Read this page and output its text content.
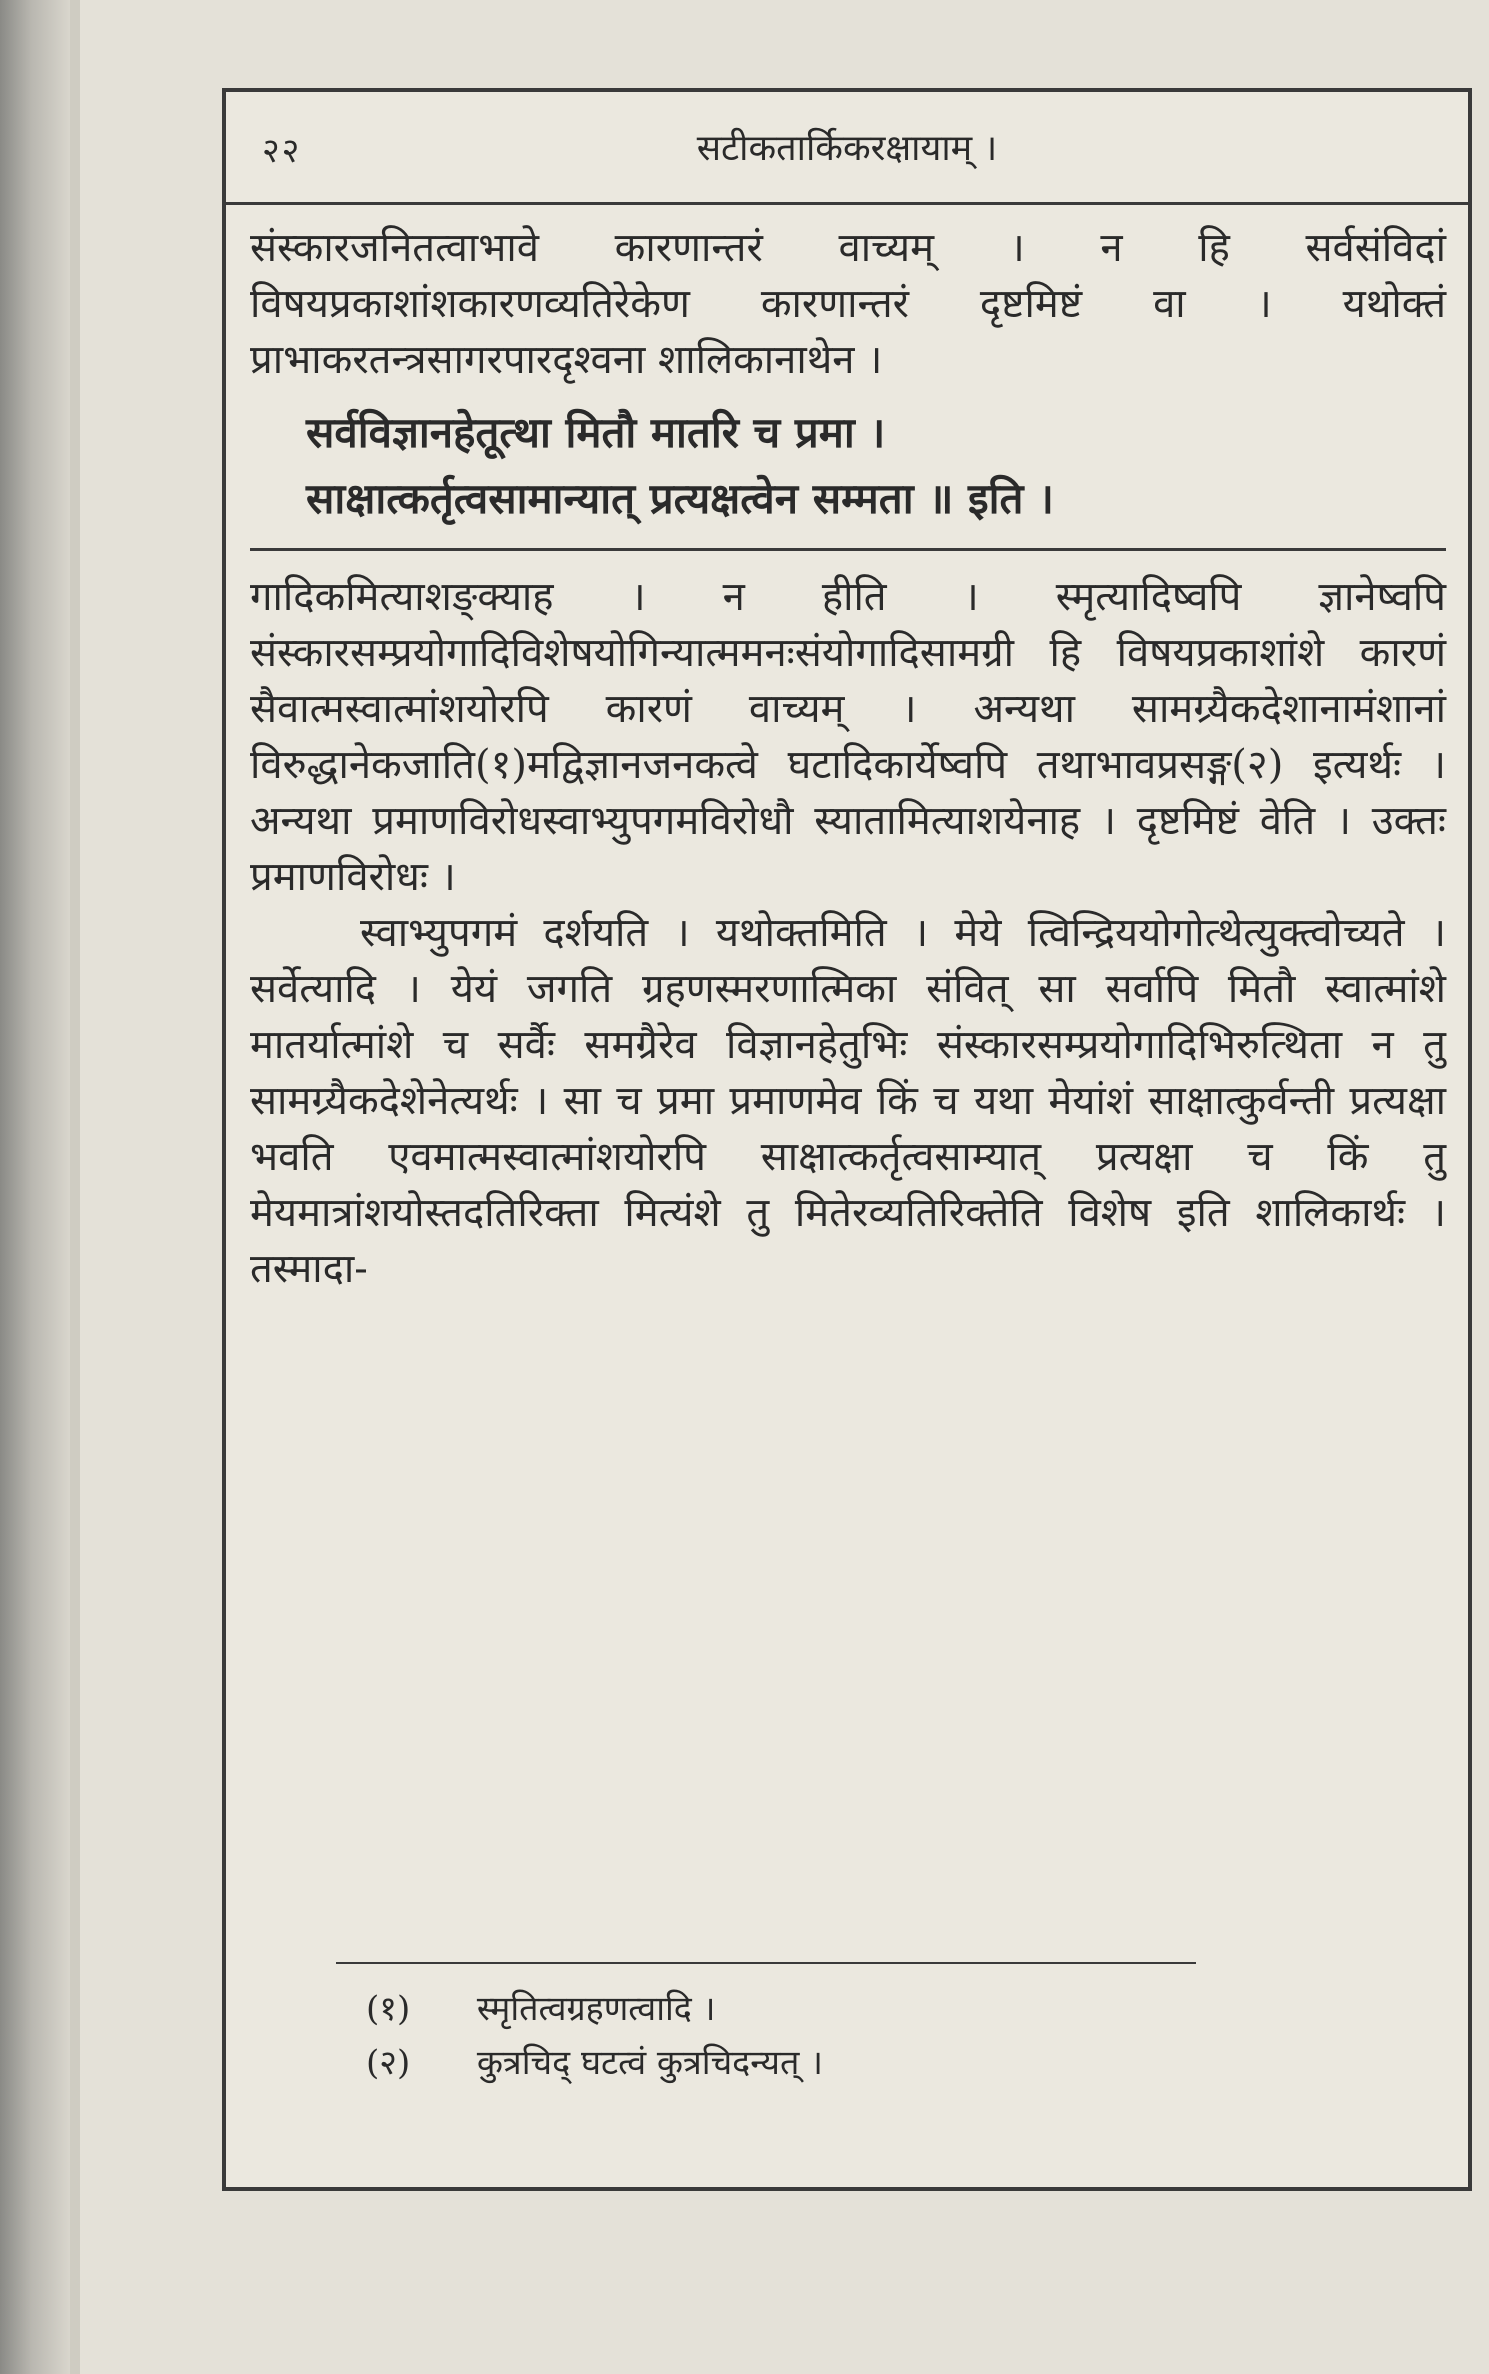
२२	सटीकतार्किकरक्षायाम् ।

संस्कारजनितत्वाभावे कारणान्तरं वाच्यम् । न हि सर्वसंविदां विषयप्रकाशांशकारणव्यतिरेकेण कारणान्तरं दृष्टमिष्टं वा । यथोक्तं प्राभाकरतन्त्रसागरपारदृश्वना शालिकानाथेन ।

सर्वविज्ञानहेतूत्था मितौ मातरि च प्रमा ।
साक्षात्कर्तृत्वसामान्यात् प्रत्यक्षत्वेन सम्मता ॥ इति ।

गादिकमित्याशङ्क्याह । न हीति । स्मृत्यादिष्वपि ज्ञानेष्वपि संस्कारसम्प्रयोगादिविशेषयोगिन्यात्ममनःसंयोगादिसामग्री हि विषयप्रकाशांशे कारणं सैवात्मस्वात्मांशयोरपि कारणं वाच्यम् । अन्यथा सामग्र्यैकदेशानामंशानां विरुद्धानेकजाति(१)मद्विज्ञानजनकत्वे घटादिकार्येष्वपि तथाभावप्रसङ्ग(२) इत्यर्थः । अन्यथा प्रमाणविरोधस्वाभ्युपगमविरोधौ स्यातामित्याशयेनाह । दृष्टमिष्टं वेति । उक्तः प्रमाणविरोधः ।

स्वाभ्युपगमं दर्शयति । यथोक्तमिति । मेये त्विन्द्रिययोगोत्थेत्युक्त्वोच्यते । सर्वेत्यादि । येयं जगति ग्रहणस्मरणात्मिका संवित् सा सर्वापि मितौ स्वात्मांशे मातर्यात्मांशे च सर्वैः समग्रैरेव विज्ञानहेतुभिः संस्कारसम्प्रयोगादिभिरुत्थिता न तु सामग्र्यैकदेशेनेत्यर्थः । सा च प्रमा प्रमाणमेव किं च यथा मेयांशं साक्षात्कुर्वन्ती प्रत्यक्षा भवति एवमात्मस्वात्मांशयोरपि साक्षात्कर्तृत्वसाम्यात् प्रत्यक्षा च किं तु मेयमात्रांशयोस्तदतिरिक्ता मित्यंशे तु मितेरव्यतिरिक्तेति विशेष इति शालिकार्थः । तस्मादा-

(१) स्मृतित्वग्रहणत्वादि ।
(२) कुत्रचिद् घटत्वं कुत्रचिदन्यत् ।
